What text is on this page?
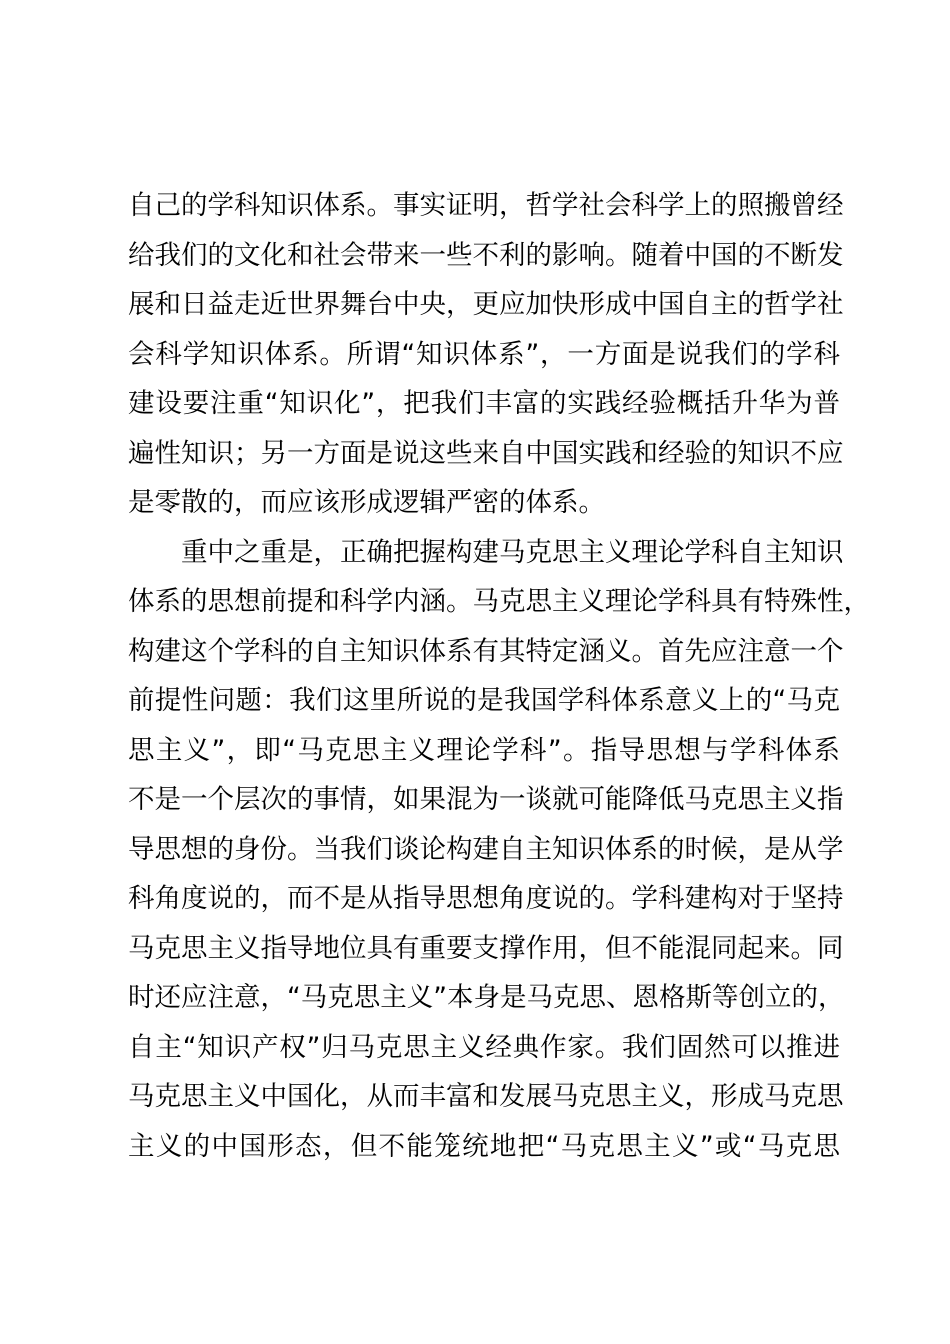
自己的学科知识体系。事实证明，哲学社会科学上的照搬曾经
给我们的文化和社会带来一些不利的影响。随着中国的不断发
展和日益走近世界舞台中央，更应加快形成中国自主的哲学社
会科学知识体系。所谓“知识体系”，一方面是说我们的学科
建设要注重“知识化”，把我们丰富的实践经验概括升华为普
遍性知识；另一方面是说这些来自中国实践和经验的知识不应
是零散的，而应该形成逻辑严密的体系。
重中之重是，正确把握构建马克思主义理论学科自主知识
体系的思想前提和科学内涵。马克思主义理论学科具有特殊性，
构建这个学科的自主知识体系有其特定涵义。首先应注意一个
前提性问题：我们这里所说的是我国学科体系意义上的“马克
思主义”，即“马克思主义理论学科”。指导思想与学科体系
不是一个层次的事情，如果混为一谈就可能降低马克思主义指
导思想的身份。当我们谈论构建自主知识体系的时候，是从学
科角度说的，而不是从指导思想角度说的。学科建构对于坚持
马克思主义指导地位具有重要支撑作用，但不能混同起来。同
时还应注意，“马克思主义”本身是马克思、恩格斯等创立的，
自主“知识产权”归马克思主义经典作家。我们固然可以推进
马克思主义中国化，从而丰富和发展马克思主义，形成马克思
主义的中国形态，但不能笼统地把“马克思主义”或“马克思
